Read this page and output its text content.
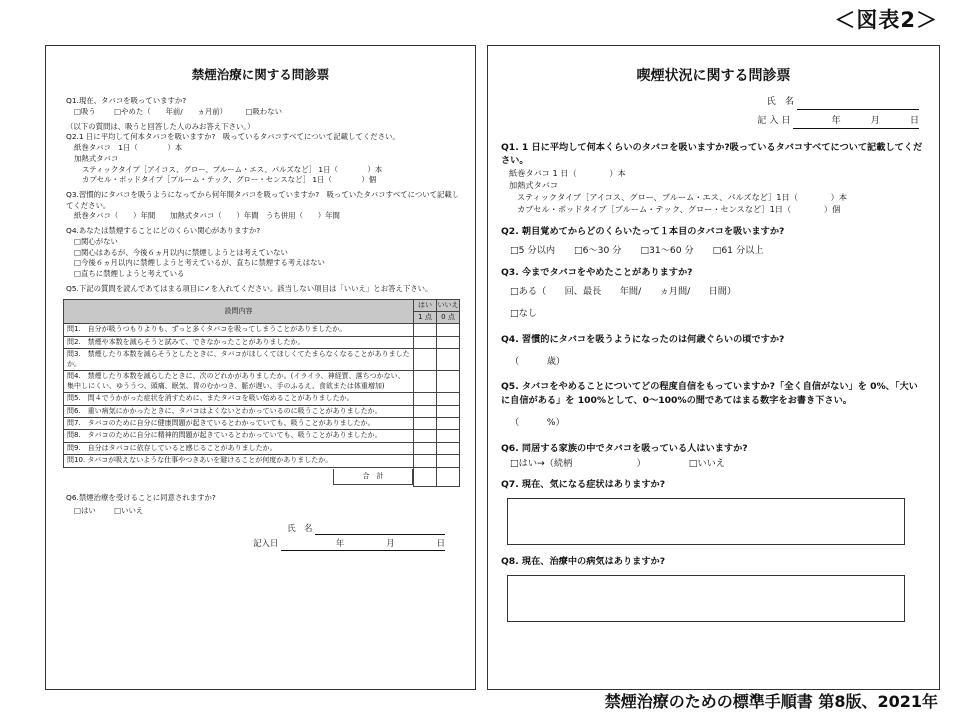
＜図表2＞
禁煙治療に関する問診票
Q1.現在、タバコを吸っていますか?
□吸う □やめた（　　年前/　　ヵ月前） □吸わない
（以下の質問は、吸うと回答した人のみお答え下さい。）
Q2.1 日に平均して何本タバコを吸いますか?　吸っているタバコすべてについて記載してください。
紙巻タバコ　1日（　　　　）本
加熱式タバコ
スティックタイプ［アイコス、グロー、プルーム・エス、パルズなど］ 1日（　　　　）本
カプセル・ポッドタイプ［プルーム・テック、グロー・センスなど］ 1日（　　　　）個
Q3.習慣的にタバコを吸うようになってから何年間タバコを吸っていますか?　吸っていたタバコすべてについて記載してください。
紙巻タバコ（　　）年間　　加熱式タバコ（　　）年間　うち併用（　　）年間
Q4.あなたは禁煙することにどのくらい関心がありますか?
□関心がない
□関心はあるが、今後６ヵ月以内に禁煙しようとは考えていない
□今後６ヵ月以内に禁煙しようと考えているが、直ちに禁煙する考えはない
□直ちに禁煙しようと考えている
Q5.下記の質問を読んであてはまる項目に✓を入れてください。該当しない項目は「いいえ」とお答え下さい。
設問内容	はい	いいえ
	1 点	0 点
問1.　自分が吸うつもりよりも、ずっと多くタバコを吸ってしまうことがありましたか。		
問2.　禁煙や本数を減らそうと試みて、できなかったことがありましたか。		
問3.　禁煙したり本数を減らそうとしたときに、タバコがほしくてほしくてたまらなくなることがありましたか。		
問4.　禁煙したり本数を減らしたときに、次のどれかがありましたか。(イライラ、神経質、落ちつかない、集中しにくい、ゆううつ、頭痛、眠気、胃のむかつき、脈が遅い、手のふるえ、食欲または体重増加)		
問5.　問４でうかがった症状を消すために、またタバコを吸い始めることがありましたか。		
問6.　重い病気にかかったときに、タバコはよくないとわかっているのに吸うことがありましたか。		
問7.　タバコのために自分に健康問題が起きているとわかっていても、吸うことがありましたか。		
問8.　タバコのために自分に精神的問題が起きているとわかっていても、吸うことがありましたか。		
問9.　自分はタバコに依存していると感じることがありましたか。		
問10. タバコが吸えないような仕事やつきあいを避けることが何度かありましたか。		
合　計		
Q6.禁煙治療を受けることに同意されますか?
□はい □いいえ
氏　名
記入日	年	月	日
喫煙状況に関する問診票
氏　名
記 入 日	年	月	日
Q1. 1 日に平均して何本くらいのタバコを吸いますか?吸っているタバコすべてについて記載してください。
紙巻タバコ 1 日（　　　　）本
加熱式タバコ
スティックタイプ［アイコス、グロー、プルーム・エス、パルズなど］1日（　　　　）本
カプセル・ポッドタイプ［プルーム・テック、グロー・センスなど］1日（　　　　）個
Q2. 朝目覚めてからどのくらいたって１本目のタバコを吸いますか?
□5 分以内 □6～30 分 □31～60 分 □61 分以上
Q3. 今までタバコをやめたことがありますか?
□ある（　　回、最長　　年間/　　ヵ月間/　　日間）
□なし
Q4. 習慣的にタバコを吸うようになったのは何歳ぐらいの頃ですか?
（　　　歳）
Q5. タバコをやめることについてどの程度自信をもっていますか?「全く自信がない」を 0%、「大いに自信がある」を 100%として、0～100%の間であてはまる数字をお書き下さい。
（　　　%）
Q6. 同居する家族の中でタバコを吸っている人はいますか?
□はい→（続柄　　　　　　　）	□いいえ
Q7. 現在、気になる症状はありますか?
Q8. 現在、治療中の病気はありますか?
禁煙治療のための標準手順書 第8版、2021年
